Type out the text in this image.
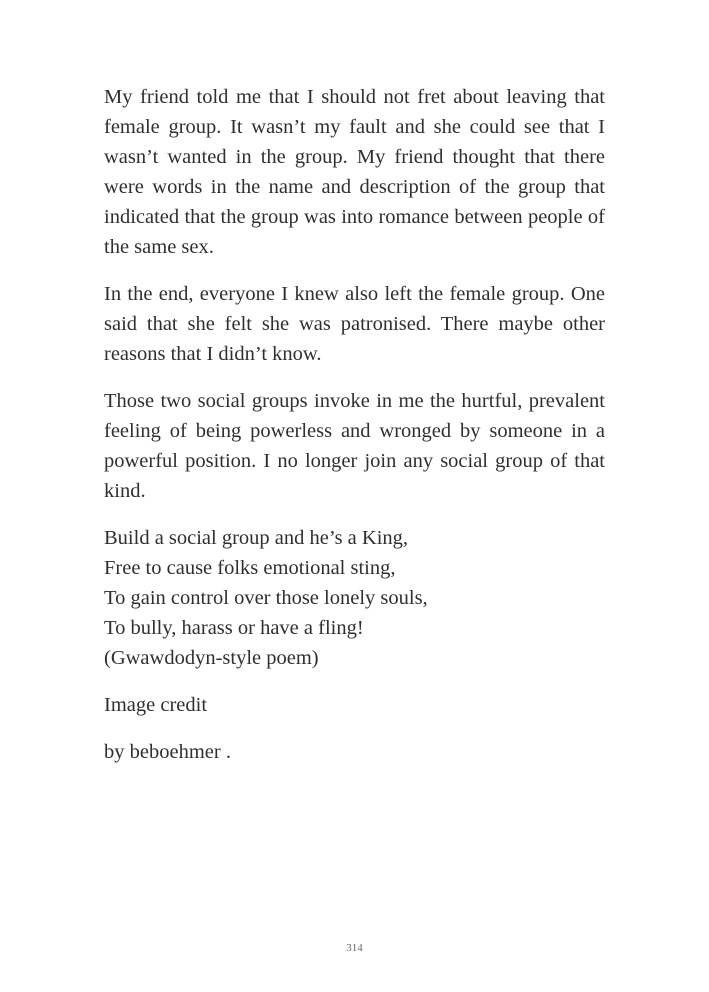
My friend told me that I should not fret about leaving that female group. It wasn’t my fault and she could see that I wasn’t wanted in the group. My friend thought that there were words in the name and description of the group that indicated that the group was into romance between people of the same sex.

In the end, everyone I knew also left the female group. One said that she felt she was patronised. There maybe other reasons that I didn’t know.

Those two social groups invoke in me the hurtful, prevalent feeling of being powerless and wronged by someone in a powerful position. I no longer join any social group of that kind.

Build a social group and he’s a King,
Free to cause folks emotional sting,
To gain control over those lonely souls,
To bully, harass or have a fling!
(Gwawdodyn-style poem)

Image credit

by beboehmer .

314
